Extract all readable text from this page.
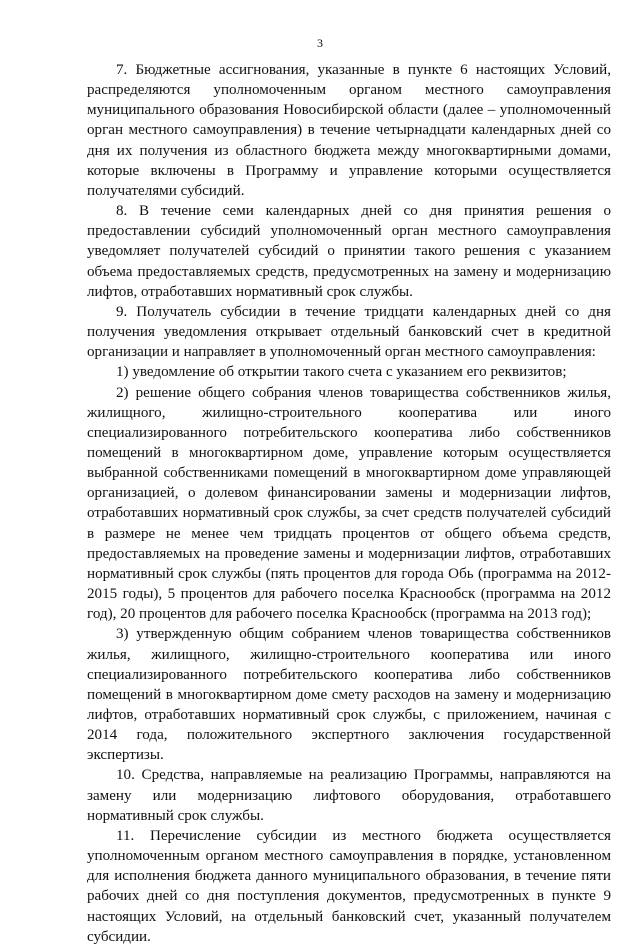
3

7. Бюджетные ассигнования, указанные в пункте 6 настоящих Условий, распределяются уполномоченным органом местного самоуправления муниципального образования Новосибирской области (далее – уполномоченный орган местного самоуправления) в течение четырнадцати календарных дней со дня их получения из областного бюджета между многоквартирными домами, которые включены в Программу и управление которыми осуществляется получателями субсидий.

8. В течение семи календарных дней со дня принятия решения о предоставлении субсидий уполномоченный орган местного самоуправления уведомляет получателей субсидий о принятии такого решения с указанием объема предоставляемых средств, предусмотренных на замену и модернизацию лифтов, отработавших нормативный срок службы.

9. Получатель субсидии в течение тридцати календарных дней со дня получения уведомления открывает отдельный банковский счет в кредитной организации и направляет в уполномоченный орган местного самоуправления:

1) уведомление об открытии такого счета с указанием его реквизитов;

2) решение общего собрания членов товарищества собственников жилья, жилищного, жилищно-строительного кооператива или иного специализированного потребительского кооператива либо собственников помещений в многоквартирном доме, управление которым осуществляется выбранной собственниками помещений в многоквартирном доме управляющей организацией, о долевом финансировании замены и модернизации лифтов, отработавших нормативный срок службы, за счет средств получателей субсидий в размере не менее чем тридцать процентов от общего объема средств, предоставляемых на проведение замены и модернизации лифтов, отработавших нормативный срок службы (пять процентов для города Обь (программа на 2012-2015 годы), 5 процентов для рабочего поселка Краснообск (программа на 2012 год), 20 процентов для рабочего поселка Краснообск (программа на 2013 год);

3) утвержденную общим собранием членов товарищества собственников жилья, жилищного, жилищно-строительного кооператива или иного специализированного потребительского кооператива либо собственников помещений в многоквартирном доме смету расходов на замену и модернизацию лифтов, отработавших нормативный срок службы, с приложением, начиная с 2014 года, положительного экспертного заключения государственной экспертизы.

10. Средства, направляемые на реализацию Программы, направляются на замену или модернизацию лифтового оборудования, отработавшего нормативный срок службы.

11. Перечисление субсидии из местного бюджета осуществляется уполномоченным органом местного самоуправления в порядке, установленном для исполнения бюджета данного муниципального образования, в течение пяти рабочих дней со дня поступления документов, предусмотренных в пункте 9 настоящих Условий, на отдельный банковский счет, указанный получателем субсидии.
